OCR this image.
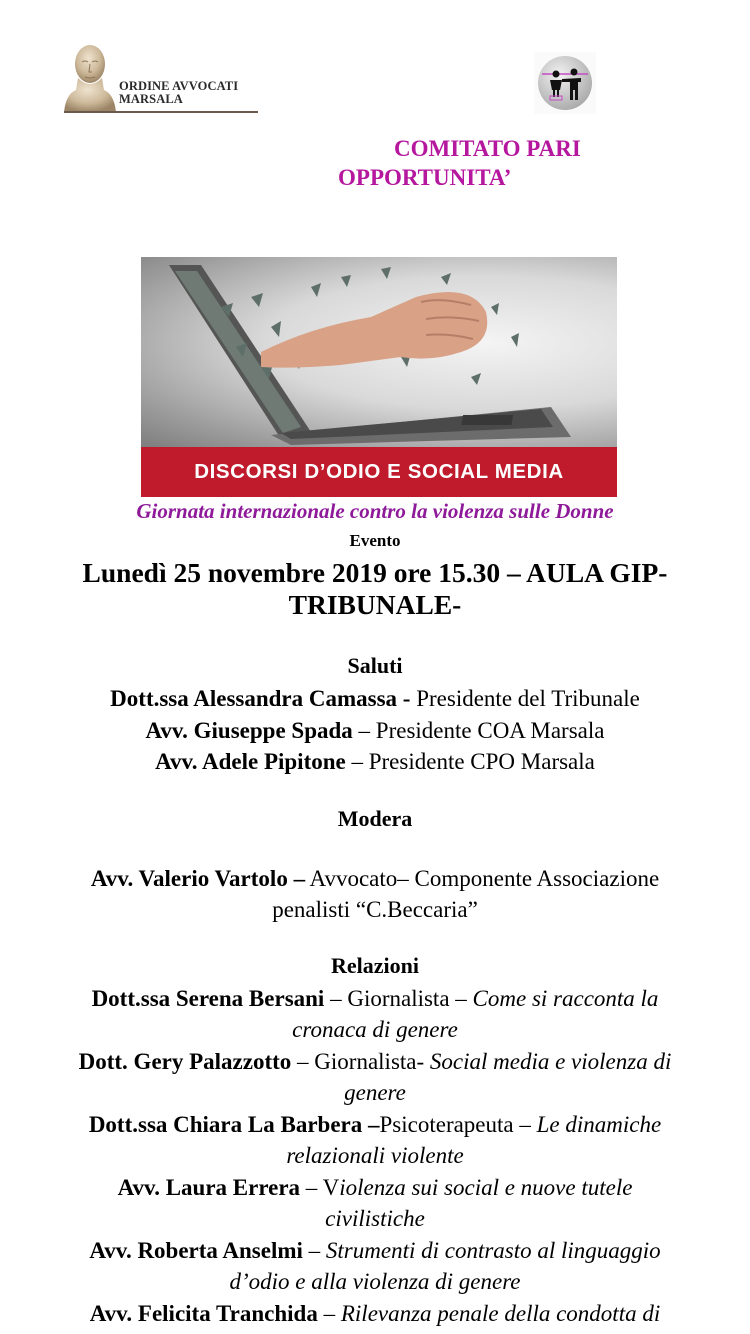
ORDINE AVVOCATI
MARSALA
COMITATO PARI
OPPORTUNITA’
DISCORSI D’ODIO E SOCIAL MEDIA
Giornata internazionale contro la violenza sulle Donne
Evento
Lunedì 25 novembre 2019 ore 15.30 – AULA GIP-TRIBUNALE-
Saluti
Dott.ssa Alessandra Camassa - Presidente del Tribunale
Avv. Giuseppe Spada – Presidente COA Marsala
Avv. Adele Pipitone – Presidente CPO Marsala
Modera
Avv. Valerio Vartolo – Avvocato– Componente Associazione
penalisti “C.Beccaria”
Relazioni
Dott.ssa Serena Bersani – Giornalista – Come si racconta la
cronaca di genere
Dott. Gery Palazzotto – Giornalista- Social media e violenza di
genere
Dott.ssa Chiara La Barbera –Psicoterapeuta – Le dinamiche
relazionali violente
Avv. Laura Errera – Violenza sui social e nuove tutele
civilistiche
Avv. Roberta Anselmi – Strumenti di contrasto al linguaggio
d’odio e alla violenza di genere
Avv. Felicita Tranchida – Rilevanza penale della condotta di
